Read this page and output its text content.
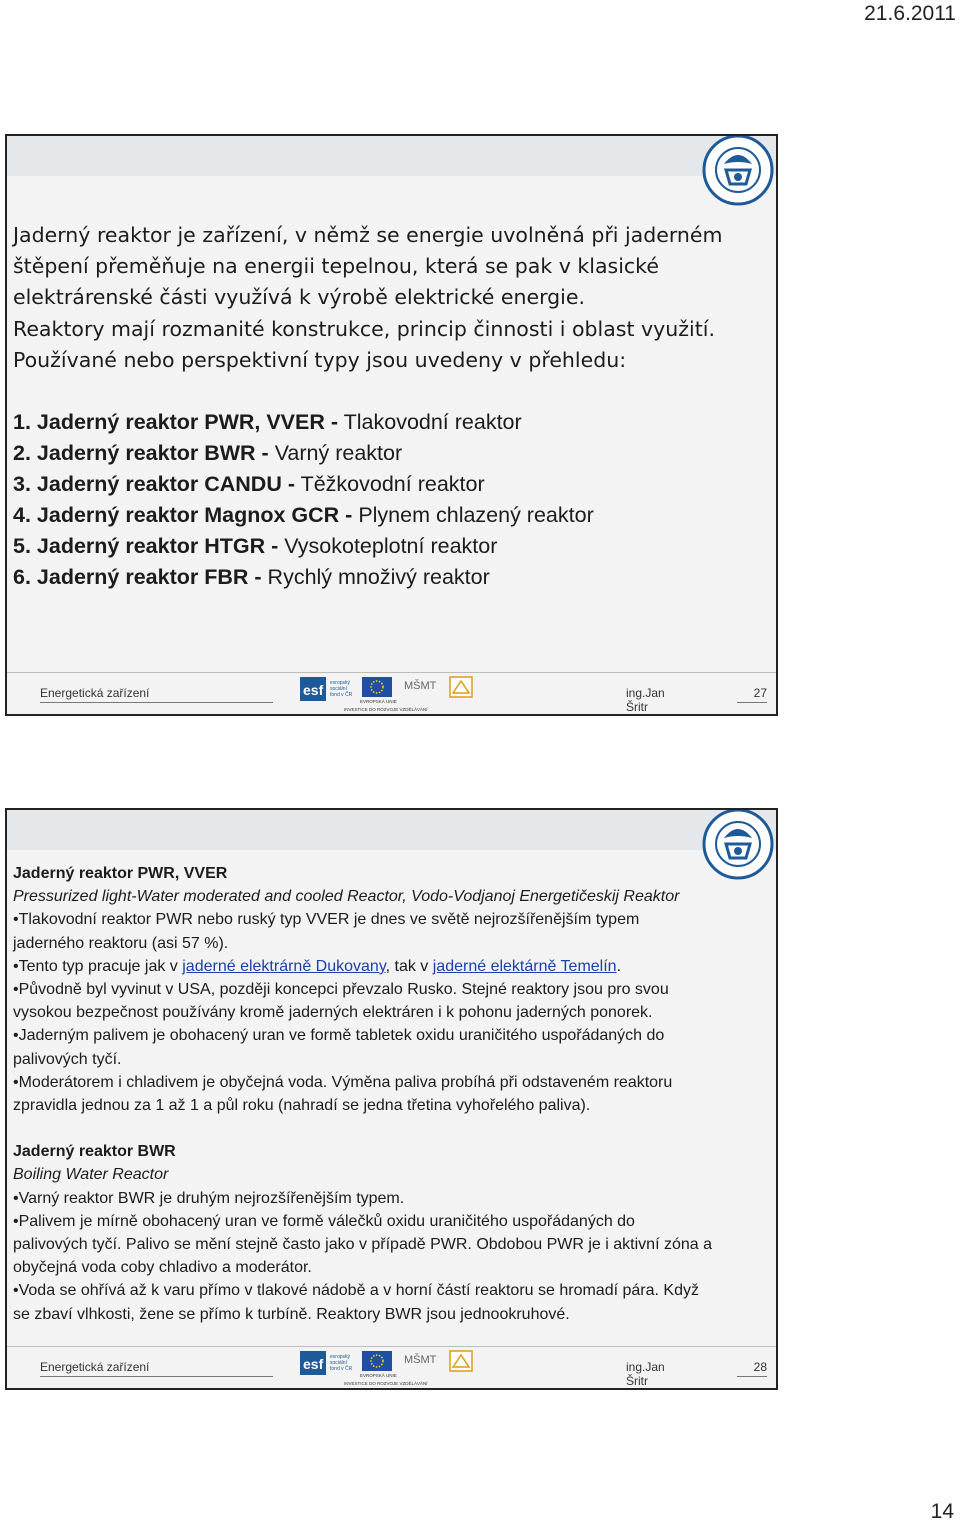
21.6.2011

Jaderný reaktor je zařízení, v němž se energie uvolněná při jaderném

štěpení přeměňuje na energii tepelnou, která se pak v klasické

elektrárenské části využívá k výrobě elektrické energie.

Reaktory mají rozmanité konstrukce, princip činnosti i oblast využití.

Používané nebo perspektivní typy jsou uvedeny v přehledu:

1. Jaderný reaktor PWR, VVER - Tlakovodní reaktor
2. Jaderný reaktor BWR - Varný reaktor
3. Jaderný reaktor CANDU - Těžkovodní reaktor
4. Jaderný reaktor Magnox GCR - Plynem chlazený reaktor
5. Jaderný reaktor HTGR - Vysokoteplotní reaktor
6. Jaderný reaktor FBR - Rychlý množivý reaktor
Energetická zařízení	esf evropský
sociální
fond v ČR
EVROPSKÁ UNIE
MŠMT
INVESTICE DO ROZVOJE VZDĚLÁVÁNÍ
ing.Jan Šritr
27
Jaderný reaktor PWR, VVER
Pressurized light-Water moderated and cooled Reactor, Vodo-Vodjanoj Energetičeskij Reaktor
•Tlakovodní reaktor PWR nebo ruský typ VVER je dnes ve světě nejrozšířenějším typem
jaderného reaktoru (asi 57 %).
•Tento typ pracuje jak v jaderné elektrárně Dukovany, tak v jaderné elektárně Temelín.
•Původně byl vyvinut v USA, později koncepci převzalo Rusko. Stejné reaktory jsou pro svou
vysokou bezpečnost používány kromě jaderných elektráren i k pohonu jaderných ponorek.
•Jaderným palivem je obohacený uran ve formě tabletek oxidu uraničitého uspořádaných do
palivových tyčí.
•Moderátorem i chladivem je obyčejná voda. Výměna paliva probíhá při odstaveném reaktoru
zpravidla jednou za 1 až 1 a půl roku (nahradí se jedna třetina vyhořelého paliva).
Jaderný reaktor BWR
Boiling Water Reactor
•Varný reaktor BWR je druhým nejrozšířenějším typem.
•Palivem je mírně obohacený uran ve formě válečků oxidu uraničitého uspořádaných do
palivových tyčí. Palivo se mění stejně často jako v případě PWR. Obdobou PWR je i aktivní zóna a
obyčejná voda coby chladivo a moderátor.
•Voda se ohřívá až k varu přímo v tlakové nádobě a v horní částí reaktoru se hromadí pára. Když
se zbaví vlhkosti, žene se přímo k turbíně. Reaktory BWR jsou jednookruhové.
Energetická zařízení	esf evropský
sociální
fond v ČR
EVROPSKÁ UNIE
MŠMT
INVESTICE DO ROZVOJE VZDĚLÁVÁNÍ
ing.Jan Šritr
28
14
